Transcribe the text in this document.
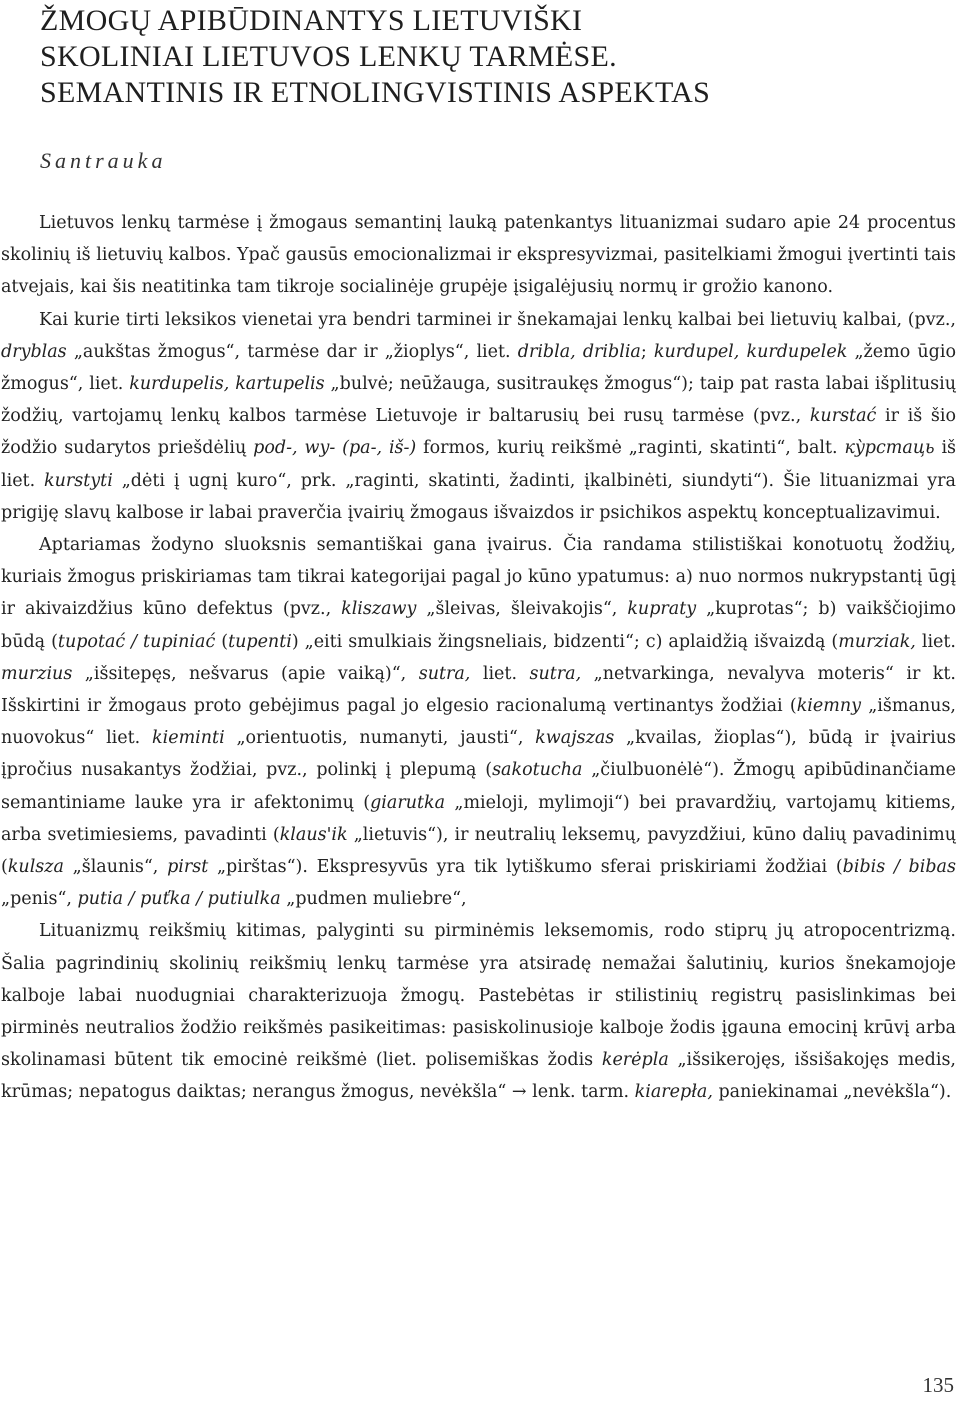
ŽMOGŲ APIBŪDINANTYS LIETUVIŠKI
SKOLINIAI LIETUVOS LENKŲ TARMĖSE.
SEMANTINIS IR ETNOLINGVISTINIS ASPEKTAS
Santrauka

Lietuvos lenkų tarmėse į žmogaus semantinį lauką patenkantys lituanizmai sudaro apie 24 procentus skolinių iš lietuvių kalbos. Ypač gausūs emocionalizmai ir ekspresyvizmai, pasitelkiami žmogui įvertinti tais atvejais, kai šis neatitinka tam tikroje socialinėje grupėje įsigalėjusių normų ir grožio kanono.

Kai kurie tirti leksikos vienetai yra bendri tarminei ir šnekamajai lenkų kalbai bei lietuvių kalbai, (pvz., dryblas „aukštas žmogus“, tarmėse dar ir „žioplys“, liet. dribla, driblia; kurdupel, kurdupelek „žemo ūgio žmogus“, liet. kurdupelis, kartupelis „bulvė; neūžauga, susitraukęs žmogus“); taip pat rasta labai išplitusių žodžių, vartojamų lenkų kalbos tarmėse Lietuvoje ir baltarusių bei rusų tarmėse (pvz., kurstać ir iš šio žodžio sudarytos priešdėlių pod-, wy- (pa-, iš-) formos, kurių reikšmė „raginti, skatinti“, balt. кỳрстаць iš liet. kurstyti „dėti į ugnį kuro“, prk. „raginti, skatinti, žadinti, įkalbinėti, siundyti“). Šie lituanizmai yra prigiję slavų kalbose ir labai praverčia įvairių žmogaus išvaizdos ir psichikos aspektų konceptualizavimui.

Aptariamas žodyno sluoksnis semantiškai gana įvairus. Čia randama stilistiškai konotuotų žodžių, kuriais žmogus priskiriamas tam tikrai kategorijai pagal jo kūno ypatumus: a) nuo normos nukrypstantį ūgį ir akivaizdžius kūno defektus (pvz., kliszawy „šleivas, šleivakojis“, kupraty „kuprotas“; b) vaikščiojimo būdą (tupotać / tupiniać (tupenti) „eiti smulkiais žingsneliais, bidzenti“; c) aplaidžią išvaizdą (murziak, liet. murzius „išsitepęs, nešvarus (apie vaiką)“, sutra, liet. sutra, „netvarkinga, nevalyva moteris“ ir kt. Išskirtini ir žmogaus proto gebėjimus pagal jo elgesio racionalumą vertinantys žodžiai (kiemny „išmanus, nuovokus“ liet. kieminti „orientuotis, numanyti, jausti“, kwajszas „kvailas, žioplas“), būdą ir įvairius įpročius nusakantys žodžiai, pvz., polinkį į plepumą (sakotucha „čiulbuonėlė“). Žmogų apibūdinančiame semantiniame lauke yra ir afektonimų (giarutka „mieloji, mylimoji“) bei pravardžių, vartojamų kitiems, arba svetimiesiems, pavadinti (klaus'ik „lietuvis“), ir neutralių leksemų, pavyzdžiui, kūno dalių pavadinimų (kulsza „šlaunis“, pirst „pirštas“). Ekspresyvūs yra tik lytiškumo sferai priskiriami žodžiai (bibis / bibas „penis“, putia / puťka / putiulka „pudmen muliebre“,

Lituanizmų reikšmių kitimas, palyginti su pirminėmis leksemomis, rodo stiprų jų atropocentrizmą. Šalia pagrindinių skolinių reikšmių lenkų tarmėse yra atsiradę nemažai šalutinių, kurios šnekamojoje kalboje labai nuodugniai charakterizuoja žmogų. Pastebėtas ir stilistinių registrų pasislinkimas bei pirminės neutralios žodžio reikšmės pasikeitimas: pasiskolinusioje kalboje žodis įgauna emocinį krūvį arba skolinamasi būtent tik emocinė reikšmė (liet. polisemiškas žodis kerėpla „išsikerojęs, išsišakojęs medis, krūmas; nepatogus daiktas; nerangus žmogus, nevėkšla“ → lenk. tarm. kiarepła, paniekinamai „nevėkšla“).

135
